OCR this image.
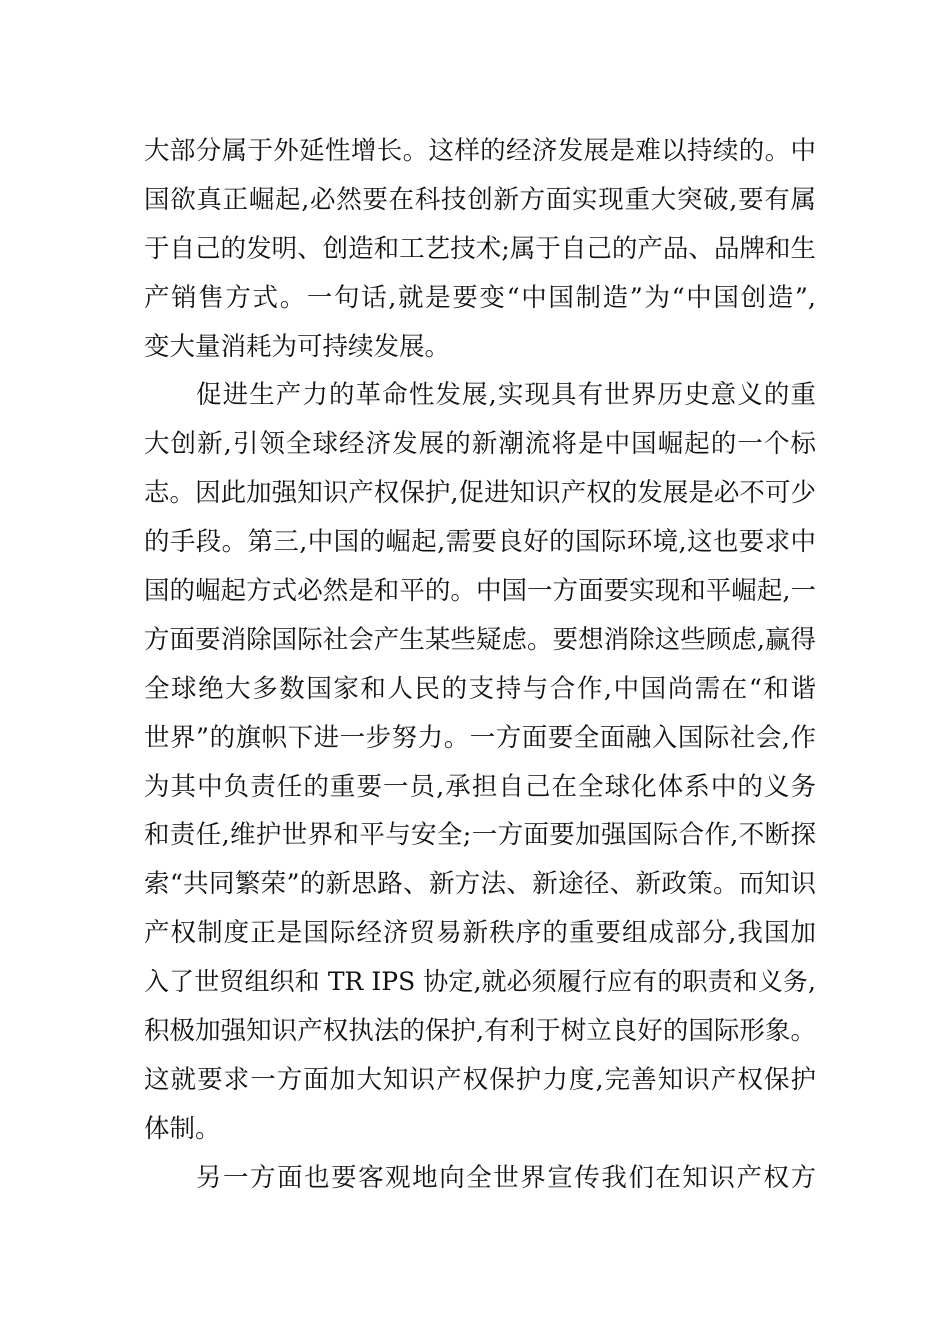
大部分属于外延性增长。这样的经济发展是难以持续的。中
国欲真正崛起,必然要在科技创新方面实现重大突破,要有属
于自己的发明、创造和工艺技术;属于自己的产品、品牌和生
产销售方式。一句话,就是要变“中国制造”为“中国创造”,
变大量消耗为可持续发展。
促进生产力的革命性发展,实现具有世界历史意义的重
大创新,引领全球经济发展的新潮流将是中国崛起的一个标
志。因此加强知识产权保护,促进知识产权的发展是必不可少
的手段。第三,中国的崛起,需要良好的国际环境,这也要求中
国的崛起方式必然是和平的。中国一方面要实现和平崛起,一
方面要消除国际社会产生某些疑虑。要想消除这些顾虑,赢得
全球绝大多数国家和人民的支持与合作,中国尚需在“和谐
世界”的旗帜下进一步努力。一方面要全面融入国际社会,作
为其中负责任的重要一员,承担自己在全球化体系中的义务
和责任,维护世界和平与安全;一方面要加强国际合作,不断探
索“共同繁荣”的新思路、新方法、新途径、新政策。而知识
产权制度正是国际经济贸易新秩序的重要组成部分,我国加
入了世贸组织和 TR IPS 协定,就必须履行应有的职责和义务,
积极加强知识产权执法的保护,有利于树立良好的国际形象。
这就要求一方面加大知识产权保护力度,完善知识产权保护
体制。
另一方面也要客观地向全世界宣传我们在知识产权方
